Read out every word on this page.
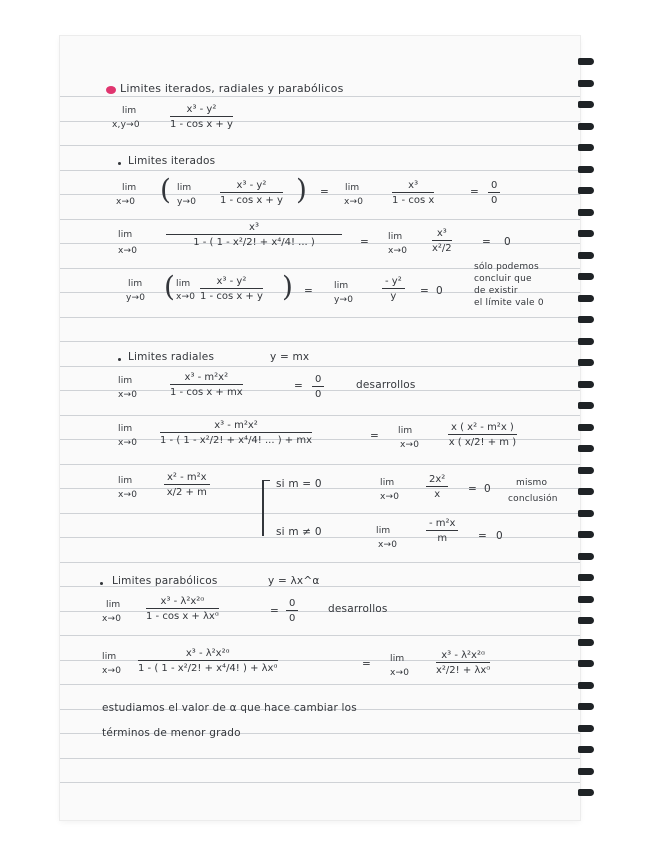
Limites iterados, radiales y parabólicos
lim
x,y→0	$\frac{\text{x³ - y²}}{\text{1 - cos x + y}}$
Limites iterados
lim
x→0 ( lim
$y\to 0 \frac{\text{x³ - y²}}{\text{1 - cos x + y}}$ ) = lim
x→0	$\frac{\text{x³}}{\text{1 - cos x}}$	= $\frac{0}{0}$
lim
x→0
$\frac{\text{x³}}{\text{1 - ( 1 - x²/2! + x⁴/4! ... )}} = \lim$
$x\to 0 \frac{\text{x³}}{\text{x²/2}}$	= 0
lim
y→0 ( lim
$x\to 0 \frac{\text{x³ - y²}}{\text{1 - cos x + y}}$ ) = lim
y→0	$\frac{\text{- y²}}{y} = 0$
sólo podemos
concluir que
de existir
el límite vale 0
Limites radiales	y = mx
lim
x→0	$\frac{\text{x³ - m²x²}}{\text{1 - cos x + mx}}$	= $\frac{0}{0}$	desarrollos
lim
$x\to 0 \frac{\text{x³ - m²x²}}{\text{1 - ( 1 - x²/2! + x⁴/4! ... ) + mx}}$	= lim
x→0	$\frac{\text{x ( x² - m²x )}}{x ( x/2! + m )}$
lim
x→0	$\frac{\text{x² - m²x}}{x/2 + m}$	si m = 0	lim
x→0	$\frac{\text{2x²}}{x} = 0$	mismo
conclusión
si m ≠ 0	lim
x→0
$\frac{\text{- m²x}}{m} = 0$
Limites parabólicos	y = λx^α
lim
x→0
x³ - λ²x²ᵅ
1 - cos x + λxᵅ	= $\frac{0}{0}$	desarrollos
lim
x→0
x³ - λ²x²ᵅ
1 - ( 1 - x²/2! + x⁴/4! ) + λxᵅ	= lim
x→0
x³ - λ²x²ᵅ
x²/2! + λxᵅ
estudiamos el valor de α que hace cambiar los
términos de menor grado
